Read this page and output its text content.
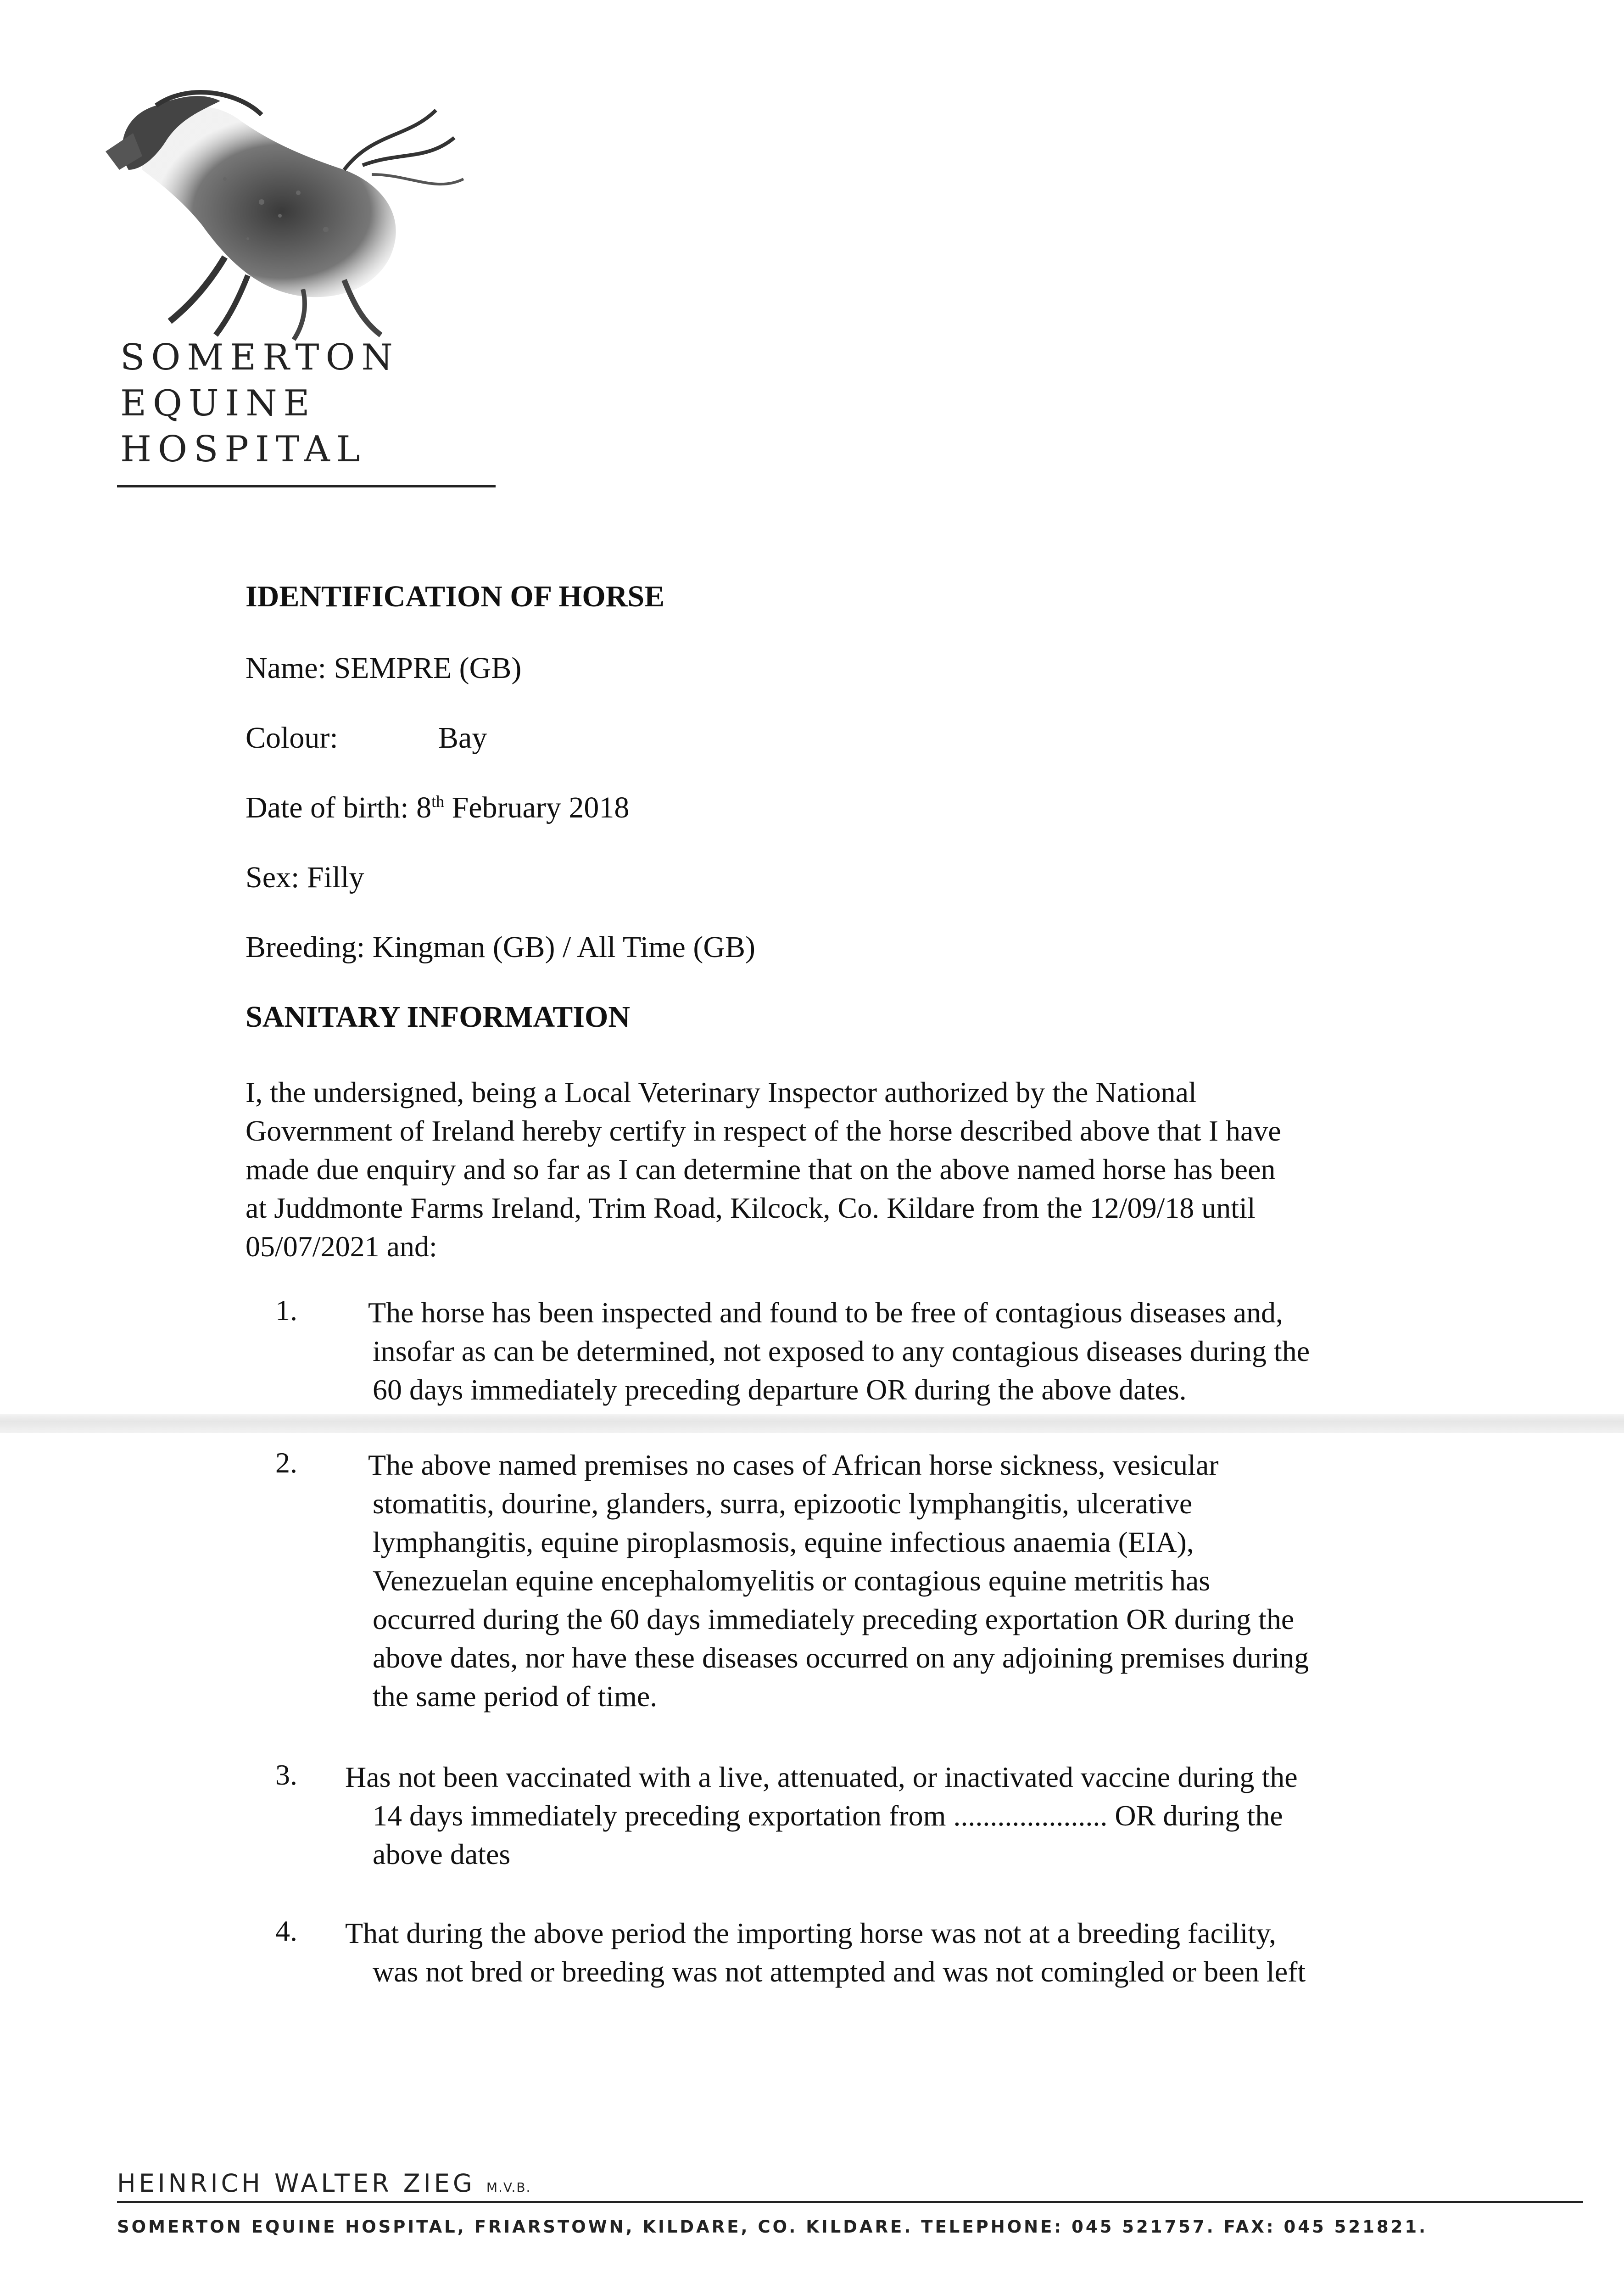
SOMERTON
EQUINE
HOSPITAL
IDENTIFICATION OF HORSE
Name: SEMPRE (GB)
Colour:	Bay
Date of birth: 8th February 2018
Sex: Filly
Breeding: Kingman (GB) / All Time (GB)
SANITARY INFORMATION
I, the undersigned, being a Local Veterinary Inspector authorized by the National
Government of Ireland hereby certify in respect of the horse described above that I have
made due enquiry and so far as I can determine that on the above named horse has been
at Juddmonte Farms Ireland, Trim Road, Kilcock, Co. Kildare from the 12/09/18 until
05/07/2021 and:
1. The horse has been inspected and found to be free of contagious diseases and,
insofar as can be determined, not exposed to any contagious diseases during the
60 days immediately preceding departure OR during the above dates.
2. The above named premises no cases of African horse sickness, vesicular
stomatitis, dourine, glanders, surra, epizootic lymphangitis, ulcerative
lymphangitis, equine piroplasmosis, equine infectious anaemia (EIA),
Venezuelan equine encephalomyelitis or contagious equine metritis has
occurred during the 60 days immediately preceding exportation OR during the
above dates, nor have these diseases occurred on any adjoining premises during
the same period of time.
3. Has not been vaccinated with a live, attenuated, or inactivated vaccine during the
14 days immediately preceding exportation from ..................... OR during the
above dates
4. That during the above period the importing horse was not at a breeding facility,
was not bred or breeding was not attempted and was not comingled or been left
HEINRICH WALTER ZIEG M.V.B.
SOMERTON EQUINE HOSPITAL, FRIARSTOWN, KILDARE, CO. KILDARE. TELEPHONE: 045 521757. FAX: 045 521821.
